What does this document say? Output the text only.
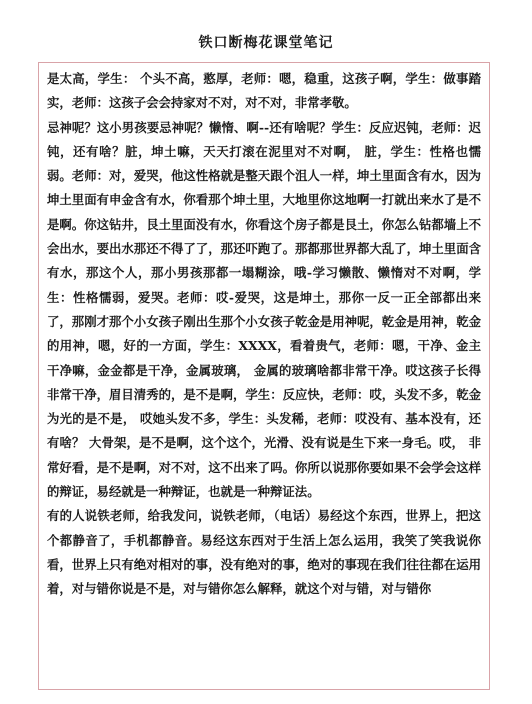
铁口断梅花课堂笔记

是太高，学生： 个头不高，憨厚，老师：嗯，稳重，这孩子啊，学生：做事踏实，老师：这孩子会会持家对不对，对不对，非常孝敬。

忌神呢？这小男孩要忌神呢？懒惰、啊--还有啥呢？学生：反应迟钝，老师：迟钝，还有啥？脏，坤土嘛，天天打滚在泥里对不对啊， 脏，学生：性格也懦弱。老师：对，爱哭，他这性格就是整天跟个沮人一样，坤土里面含有水，因为坤土里面有申金含有水，你看那个坤土里，大地里你这地啊一打就出来水了是不是啊。你这钻井，艮土里面没有水，你看这个房子都是艮土，你怎么钻都墙上不会出水，要出水那还不得了了，那还吓跑了。那都那世界都大乱了，坤土里面含有水，那这个人，那小男孩那都一塌糊涂，哦-学习懒散、懒惰对不对啊，学生：性格懦弱，爱哭。老师：哎-爱哭，这是坤土，那你一反一正全部都出来了，那刚才那个小女孩子刚出生那个小女孩子乾金是用神呢，乾金是用神，乾金的用神，嗯，好的一方面，学生：XXXX，看着贵气，老师：嗯，干净、金主干净嘛，金金都是干净，金属玻璃， 金属的玻璃啥都非常干净。哎这孩子长得非常干净，眉目清秀的，是不是啊，学生：反应快，老师：哎，头发不多，乾金为光的是不是， 哎她头发不多，学生：头发稀，老师：哎没有、基本没有，还有啥？ 大骨架，是不是啊，这个这个，光滑、没有说是生下来一身毛。哎， 非常好看，是不是啊，对不对，这不出来了吗。你所以说那你要如果不会学会这样的辩证，易经就是一种辩证，也就是一种辩证法。

有的人说铁老师，给我发问，说铁老师，（电话）易经这个东西，世界上，把这个都静音了，手机都静音。易经这东西对于生活上怎么运用，我笑了笑我说你看，世界上只有绝对相对的事，没有绝对的事，绝对的事现在我们往往都在运用着，对与错你说是不是，对与错你怎么解释，就这个对与错，对与错你
